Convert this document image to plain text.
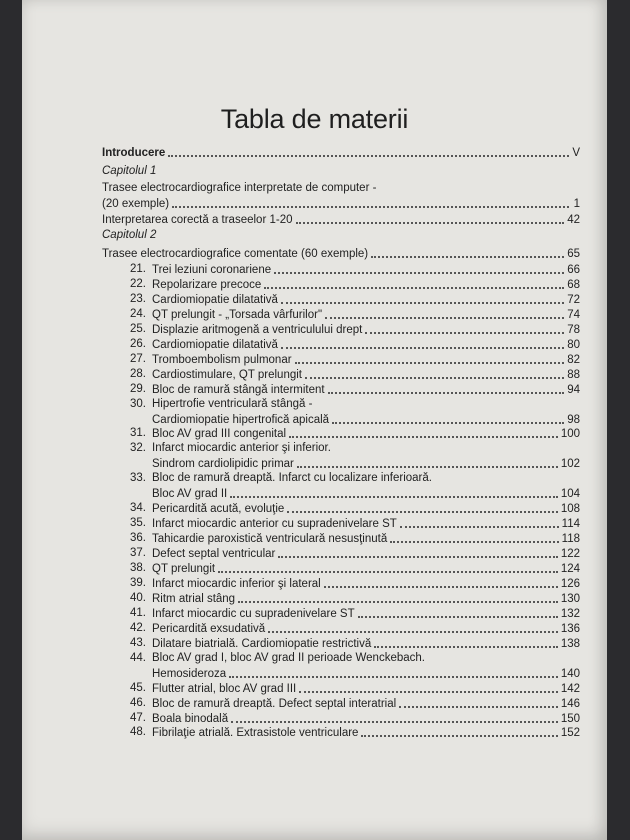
Tabla de materii
Introducere	V
Capitolul 1
Trasee electrocardiografice interpretate de computer -
(20 exemple)	1
Interpretarea corectă a traseelor 1-20	42
Capitolul 2
Trasee electrocardiografice comentate (60 exemple)	65
21. Trei leziuni coronariene	66
22. Repolarizare precoce	68
23. Cardiomiopatie dilatativă	72
24. QT prelungit - „Torsada vârfurilor"	74
25. Displazie aritmogenă a ventriculului drept	78
26. Cardiomiopatie dilatativă	80
27. Tromboembolism pulmonar	82
28. Cardiostimulare, QT prelungit	88
29. Bloc de ramură stângă intermitent	94
30. Hipertrofie ventriculară stângă -
Cardiomiopatie hipertrofică apicală	98
31. Bloc AV grad III congenital	100
32. Infarct miocardic anterior şi inferior.
Sindrom cardiolipidic primar	102
33. Bloc de ramură dreaptă. Infarct cu localizare inferioară.
Bloc AV grad II	104
34. Pericardită acută, evoluţie	108
35. Infarct miocardic anterior cu supradenivelare ST	114
36. Tahicardie paroxistică ventriculară nesusţinută	118
37. Defect septal ventricular	122
38. QT prelungit	124
39. Infarct miocardic inferior şi lateral	126
40. Ritm atrial stâng	130
41. Infarct miocardic cu supradenivelare ST	132
42. Pericardită exsudativă	136
43. Dilatare biatrială. Cardiomiopatie restrictivă	138
44. Bloc AV grad I, bloc AV grad II perioade Wenckebach.
Hemosideroza	140
45. Flutter atrial, bloc AV grad III	142
46. Bloc de ramură dreaptă. Defect septal interatrial	146
47. Boala binodală	150
48. Fibrilaţie atrială. Extrasistole ventriculare	152
